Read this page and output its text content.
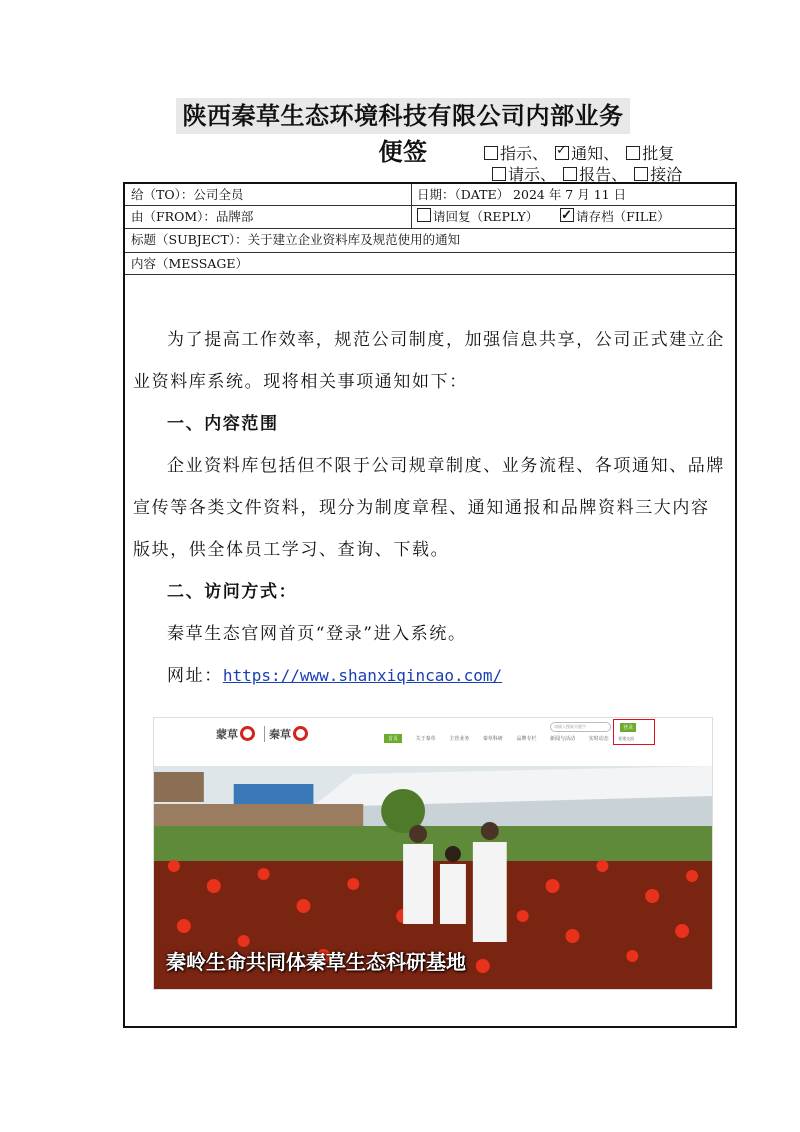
陕西秦草生态环境科技有限公司内部业务便签	指示、 ✓ 通知、 批复
请示、 报告、 接洽
给（TO）：公司全员	日期：（DATE） 2024 年 7 月 11 日
由（FROM）：品牌部	请回复（REPLY） ✓	请存档（FILE）
标题（SUBJECT）：关于建立企业资料库及规范使用的通知
内容（MESSAGE）
为了提高工作效率，规范公司制度，加强信息共享，公司正式建立企业资料库系统。现将相关事项通知如下：
一、内容范围
企业资料库包括但不限于公司规章制度、业务流程、各项通知、品牌宣传等各类文件资料，现分为制度章程、通知通报和品牌资料三大内容版块，供全体员工学习、查询、下载。
二、访问方式：
秦草生态官网首页“登录”进入系统。
网址：https://www.shanxiqincao.com/
蒙草	秦草	首页	关于秦草	主营业务	秦草科研	品牌专栏	新闻与活动	实时动态
请输入搜索关键字	登录
党建交流
秦岭生命共同体秦草生态科研基地
